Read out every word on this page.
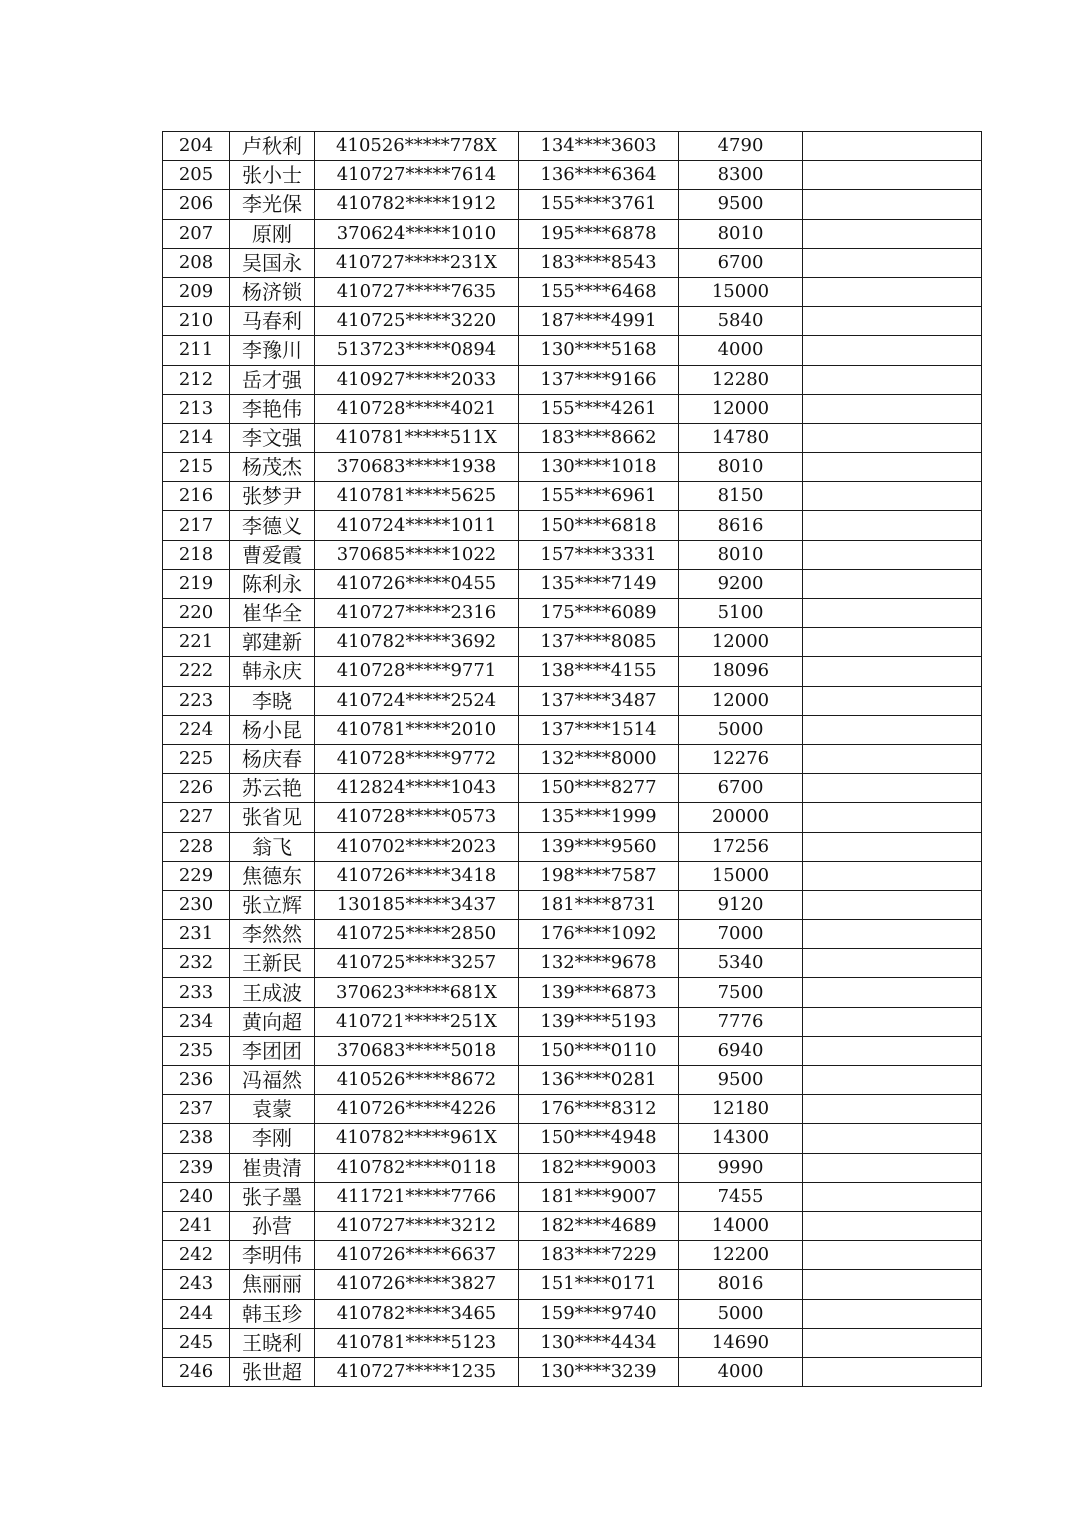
204	卢秋利	410526*****778X	134****3603	4790	
205	张小士	410727*****7614	136****6364	8300	
206	李光保	410782*****1912	155****3761	9500	
207	原刚	370624*****1010	195****6878	8010	
208	吴国永	410727*****231X	183****8543	6700	
209	杨济锁	410727*****7635	155****6468	15000	
210	马春利	410725*****3220	187****4991	5840	
211	李豫川	513723*****0894	130****5168	4000	
212	岳才强	410927*****2033	137****9166	12280	
213	李艳伟	410728*****4021	155****4261	12000	
214	李文强	410781*****511X	183****8662	14780	
215	杨茂杰	370683*****1938	130****1018	8010	
216	张梦尹	410781*****5625	155****6961	8150	
217	李德义	410724*****1011	150****6818	8616	
218	曹爱霞	370685*****1022	157****3331	8010	
219	陈利永	410726*****0455	135****7149	9200	
220	崔华全	410727*****2316	175****6089	5100	
221	郭建新	410782*****3692	137****8085	12000	
222	韩永庆	410728*****9771	138****4155	18096	
223	李晓	410724*****2524	137****3487	12000	
224	杨小昆	410781*****2010	137****1514	5000	
225	杨庆春	410728*****9772	132****8000	12276	
226	苏云艳	412824*****1043	150****8277	6700	
227	张省见	410728*****0573	135****1999	20000	
228	翁飞	410702*****2023	139****9560	17256	
229	焦德东	410726*****3418	198****7587	15000	
230	张立辉	130185*****3437	181****8731	9120	
231	李然然	410725*****2850	176****1092	7000	
232	王新民	410725*****3257	132****9678	5340	
233	王成波	370623*****681X	139****6873	7500	
234	黄向超	410721*****251X	139****5193	7776	
235	李团团	370683*****5018	150****0110	6940	
236	冯福然	410526*****8672	136****0281	9500	
237	袁蒙	410726*****4226	176****8312	12180	
238	李刚	410782*****961X	150****4948	14300	
239	崔贵清	410782*****0118	182****9003	9990	
240	张子墨	411721*****7766	181****9007	7455	
241	孙营	410727*****3212	182****4689	14000	
242	李明伟	410726*****6637	183****7229	12200	
243	焦丽丽	410726*****3827	151****0171	8016	
244	韩玉珍	410782*****3465	159****9740	5000	
245	王晓利	410781*****5123	130****4434	14690	
246	张世超	410727*****1235	130****3239	4000	
